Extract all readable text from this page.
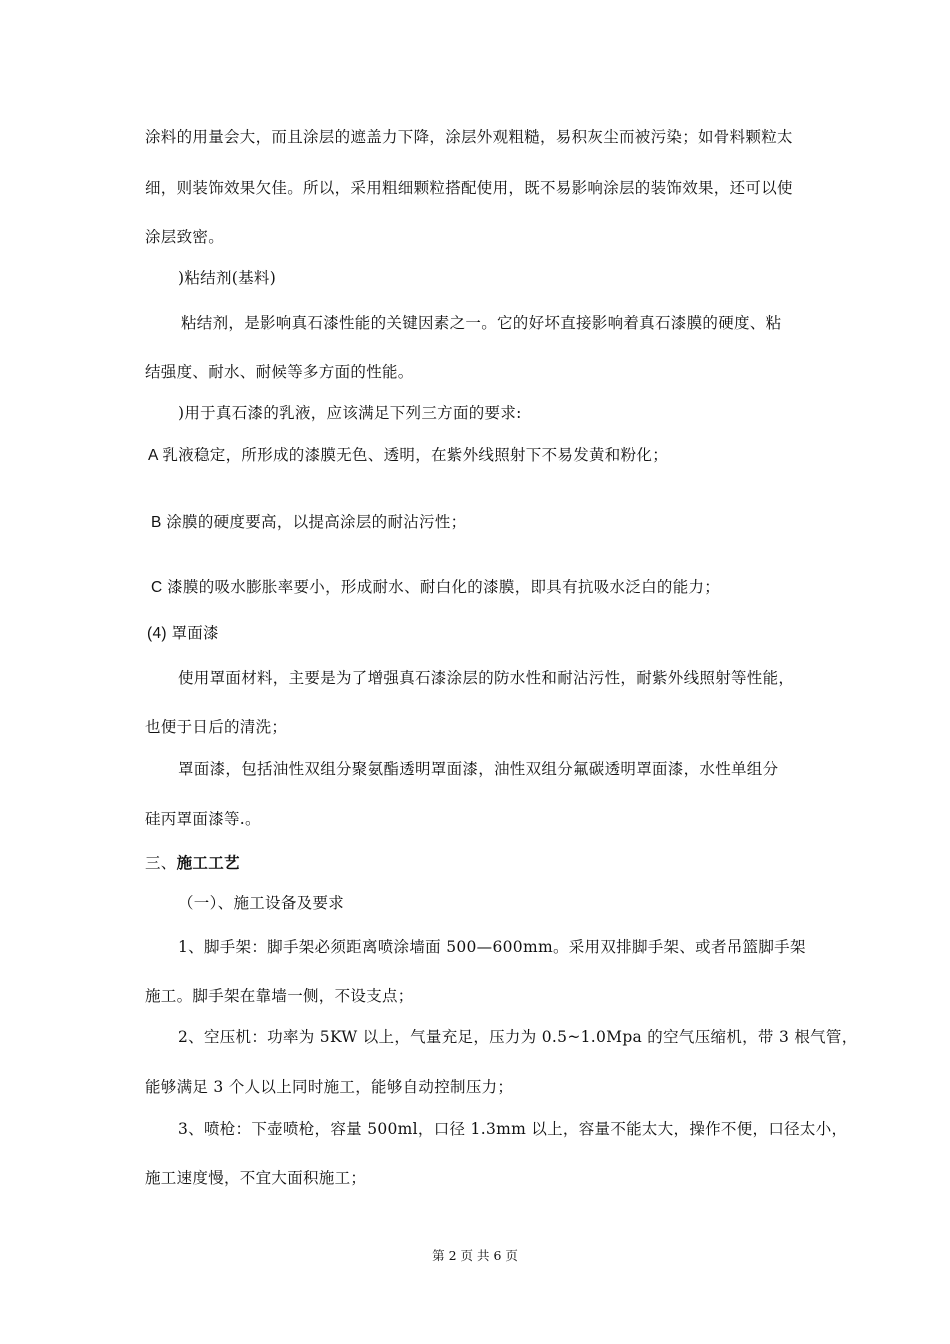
涂料的用量会大，而且涂层的遮盖力下降，涂层外观粗糙，易积灰尘而被污染；如骨料颗粒太
细，则装饰效果欠佳。所以，采用粗细颗粒搭配使用，既不易影响涂层的装饰效果，还可以使
涂层致密。
)粘结剂(基料)
粘结剂，是影响真石漆性能的关键因素之一。它的好坏直接影响着真石漆膜的硬度、粘
结强度、耐水、耐候等多方面的性能。
)用于真石漆的乳液，应该满足下列三方面的要求:
A 乳液稳定，所形成的漆膜无色、透明，在紫外线照射下不易发黄和粉化；
B 涂膜的硬度要高，以提高涂层的耐沾污性；
C 漆膜的吸水膨胀率要小，形成耐水、耐白化的漆膜，即具有抗吸水泛白的能力；
(4) 罩面漆
使用罩面材料，主要是为了增强真石漆涂层的防水性和耐沾污性，耐紫外线照射等性能，
也便于日后的清洗；
罩面漆，包括油性双组分聚氨酯透明罩面漆，油性双组分氟碳透明罩面漆，水性单组分
硅丙罩面漆等.。
三、施工工艺
（一）、施工设备及要求
1、脚手架：脚手架必须距离喷涂墙面 500—600mm。采用双排脚手架、或者吊篮脚手架
施工。脚手架在靠墙一侧，不设支点；
2、空压机：功率为 5KW 以上，气量充足，压力为 0.5~1.0Mpa 的空气压缩机，带 3 根气管，
能够满足 3 个人以上同时施工，能够自动控制压力；
3、喷枪：下壶喷枪，容量 500ml，口径 1.3mm 以上，容量不能太大，操作不便，口径太小，
施工速度慢，不宜大面积施工；
第 2 页 共 6 页
